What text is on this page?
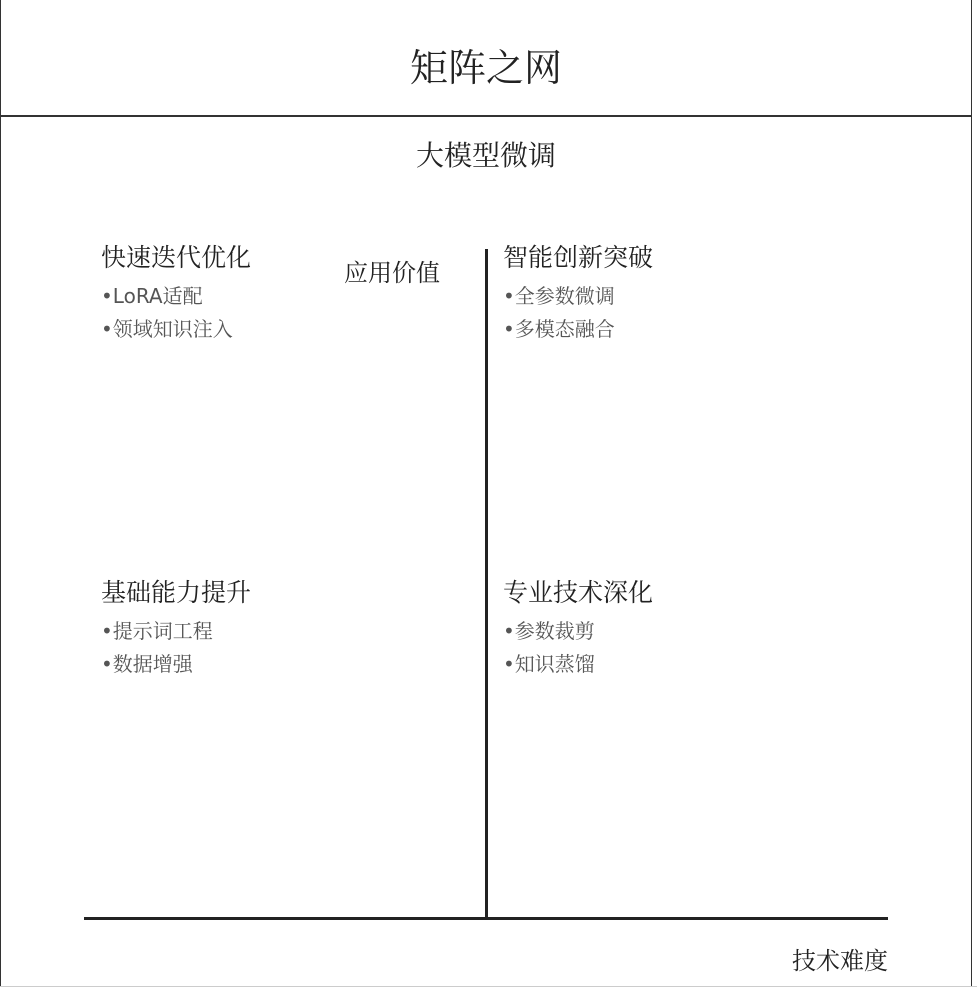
矩阵之网
大模型微调
应用价值
技术难度
快速迭代优化
•LoRA适配
•领域知识注入
智能创新突破
•全参数微调
•多模态融合
基础能力提升
•提示词工程
•数据增强
专业技术深化
•参数裁剪
•知识蒸馏
